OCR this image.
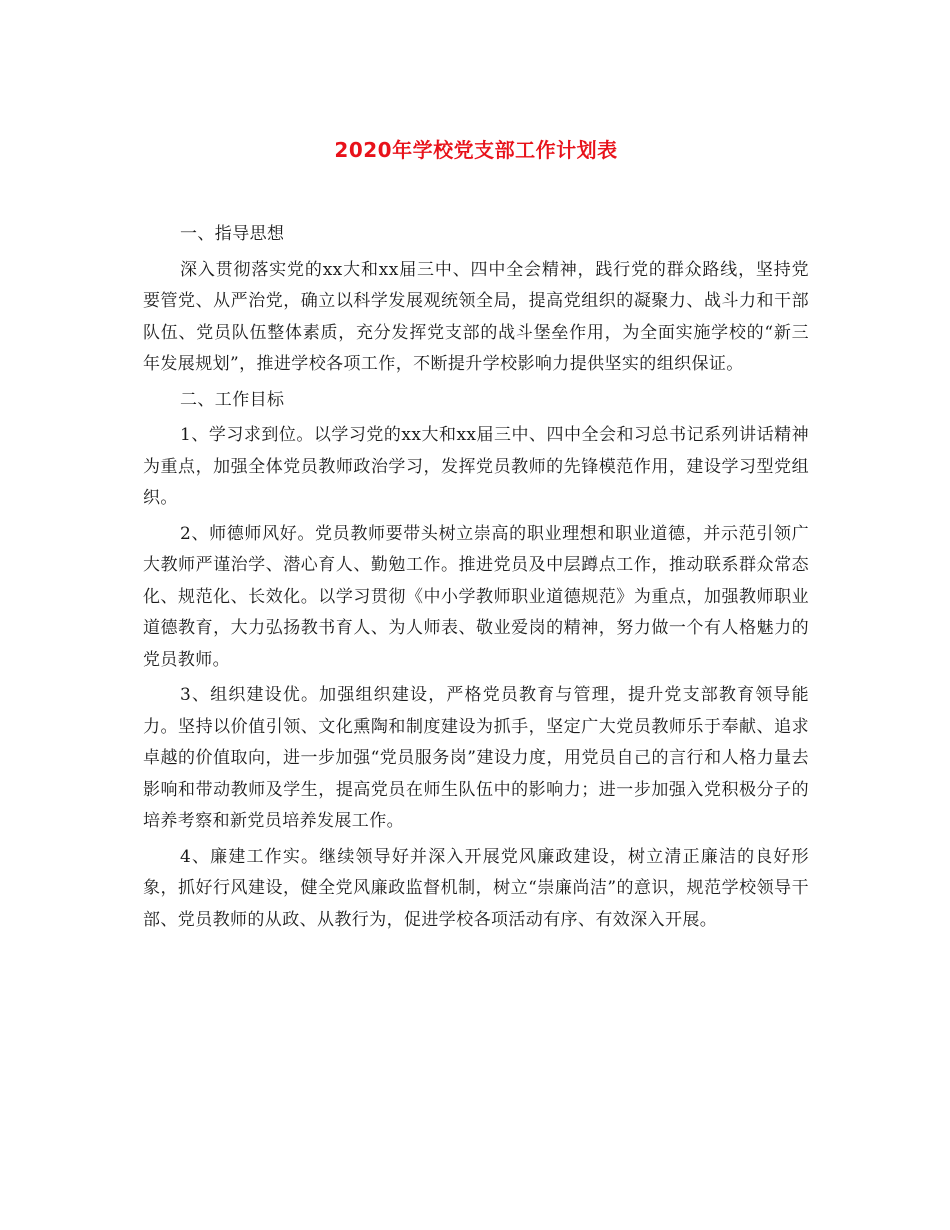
2020年学校党支部工作计划表
一、指导思想

深入贯彻落实党的xx大和xx届三中、四中全会精神，践行党的群众路线，坚持党要管党、从严治党，确立以科学发展观统领全局，提高党组织的凝聚力、战斗力和干部队伍、党员队伍整体素质，充分发挥党支部的战斗堡垒作用，为全面实施学校的“新三年发展规划”，推进学校各项工作，不断提升学校影响力提供坚实的组织保证。

二、工作目标

1、学习求到位。以学习党的xx大和xx届三中、四中全会和习总书记系列讲话精神为重点，加强全体党员教师政治学习，发挥党员教师的先锋模范作用，建设学习型党组织。

2、师德师风好。党员教师要带头树立崇高的职业理想和职业道德，并示范引领广大教师严谨治学、潜心育人、勤勉工作。推进党员及中层蹲点工作，推动联系群众常态化、规范化、长效化。以学习贯彻《中小学教师职业道德规范》为重点，加强教师职业道德教育，大力弘扬教书育人、为人师表、敬业爱岗的精神，努力做一个有人格魅力的党员教师。

3、组织建设优。加强组织建设，严格党员教育与管理，提升党支部教育领导能力。坚持以价值引领、文化熏陶和制度建设为抓手，坚定广大党员教师乐于奉献、追求卓越的价值取向，进一步加强“党员服务岗”建设力度，用党员自己的言行和人格力量去影响和带动教师及学生，提高党员在师生队伍中的影响力；进一步加强入党积极分子的培养考察和新党员培养发展工作。

4、廉建工作实。继续领导好并深入开展党风廉政建设，树立清正廉洁的良好形象，抓好行风建设，健全党风廉政监督机制，树立“崇廉尚洁”的意识，规范学校领导干部、党员教师的从政、从教行为，促进学校各项活动有序、有效深入开展。
